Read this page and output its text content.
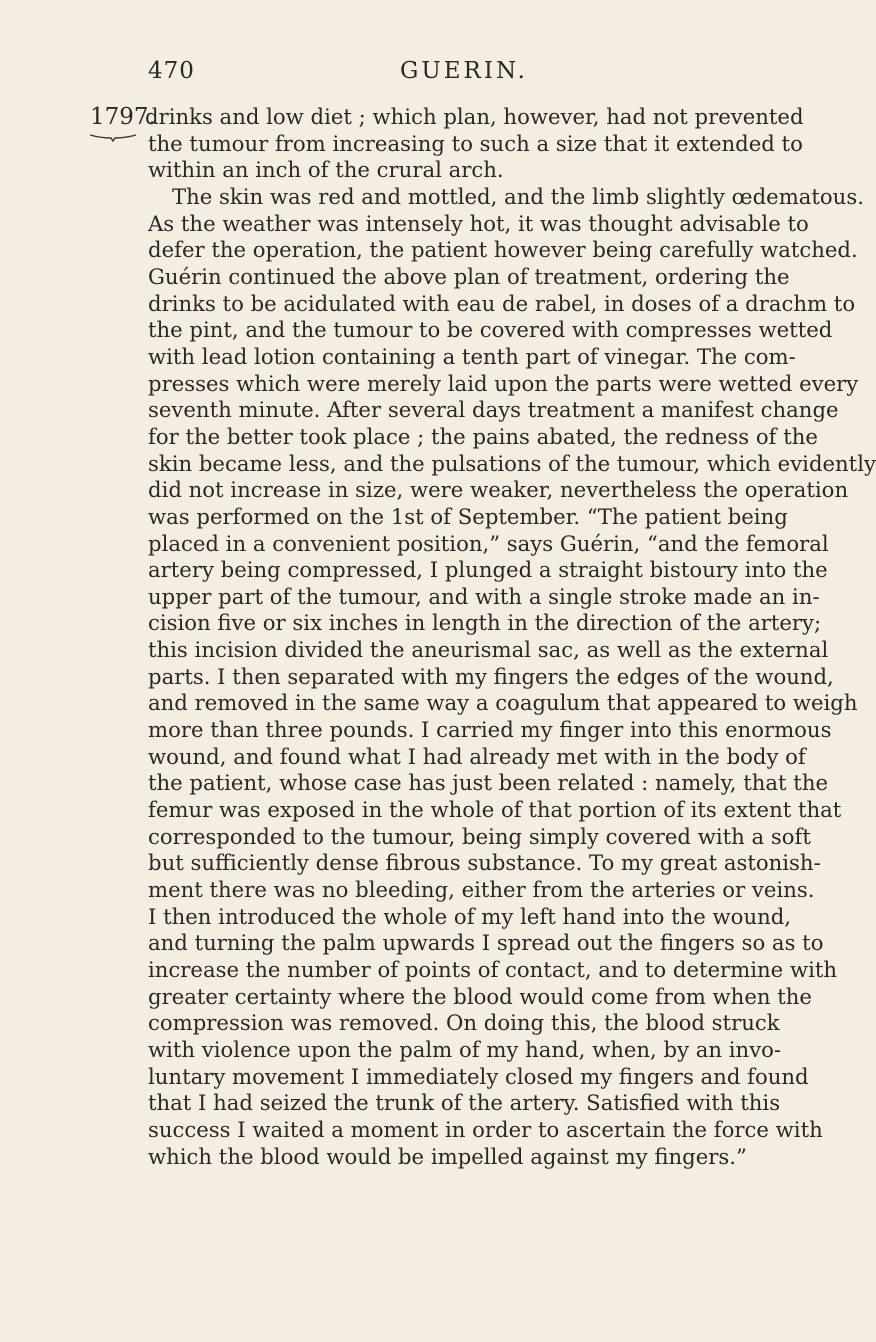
470	GUERIN.
1797.
drinks and low diet ; which plan, however, had not prevented
the tumour from increasing to such a size that it extended to
within an inch of the crural arch.
The skin was red and mottled, and the limb slightly œdematous.
As the weather was intensely hot, it was thought advisable to
defer the operation, the patient however being carefully watched.
Guérin continued the above plan of treatment, ordering the
drinks to be acidulated with eau de rabel, in doses of a drachm to
the pint, and the tumour to be covered with compresses wetted
with lead lotion containing a tenth part of vinegar. The com-
presses which were merely laid upon the parts were wetted every
seventh minute. After several days treatment a manifest change
for the better took place ; the pains abated, the redness of the
skin became less, and the pulsations of the tumour, which evidently
did not increase in size, were weaker, nevertheless the operation
was performed on the 1st of September. “The patient being
placed in a convenient position,” says Guérin, “and the femoral
artery being compressed, I plunged a straight bistoury into the
upper part of the tumour, and with a single stroke made an in-
cision five or six inches in length in the direction of the artery;
this incision divided the aneurismal sac, as well as the external
parts. I then separated with my fingers the edges of the wound,
and removed in the same way a coagulum that appeared to weigh
more than three pounds. I carried my finger into this enormous
wound, and found what I had already met with in the body of
the patient, whose case has just been related : namely, that the
femur was exposed in the whole of that portion of its extent that
corresponded to the tumour, being simply covered with a soft
but sufficiently dense fibrous substance. To my great astonish-
ment there was no bleeding, either from the arteries or veins.
I then introduced the whole of my left hand into the wound,
and turning the palm upwards I spread out the fingers so as to
increase the number of points of contact, and to determine with
greater certainty where the blood would come from when the
compression was removed. On doing this, the blood struck
with violence upon the palm of my hand, when, by an invo-
luntary movement I immediately closed my fingers and found
that I had seized the trunk of the artery. Satisfied with this
success I waited a moment in order to ascertain the force with
which the blood would be impelled against my fingers.”
